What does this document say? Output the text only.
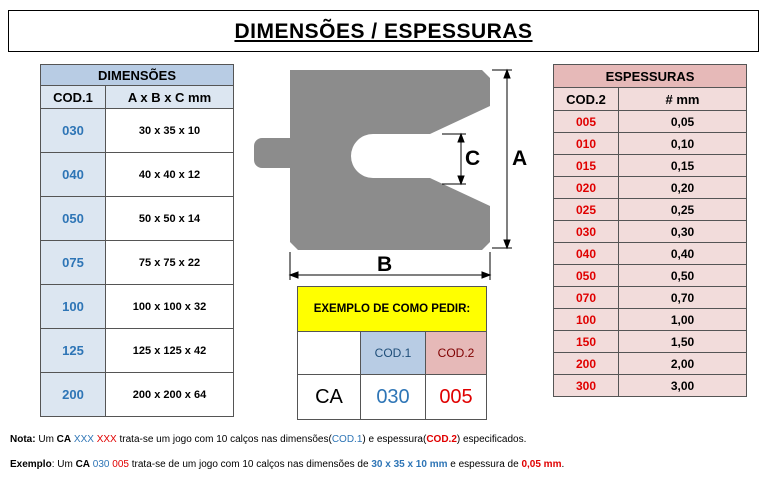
DIMENSÕES / ESPESSURAS
DIMENSÕES	
COD.1	A x B x C mm
030	30 x 35 x 10
040	40 x 40 x 12
050	50 x 50 x 14
075	75 x 75 x 22
100	100 x 100 x 32
125	125 x 125 x 42
200	200 x 200 x 64
A
C
B
EXEMPLO DE COMO PEDIR:		
	COD.1	COD.2
CA	030	005
ESPESSURAS	
COD.2	# mm
005	0,05
010	0,10
015	0,15
020	0,20
025	0,25
030	0,30
040	0,40
050	0,50
070	0,70
100	1,00
150	1,50
200	2,00
300	3,00
Nota: Um CA XXX XXX trata-se um jogo com 10 calços nas dimensões(COD.1) e espessura(COD.2) especificados.
Exemplo: Um CA 030 005 trata-se de um jogo com 10 calços nas dimensões de 30 x 35 x 10 mm e espessura de 0,05 mm.
